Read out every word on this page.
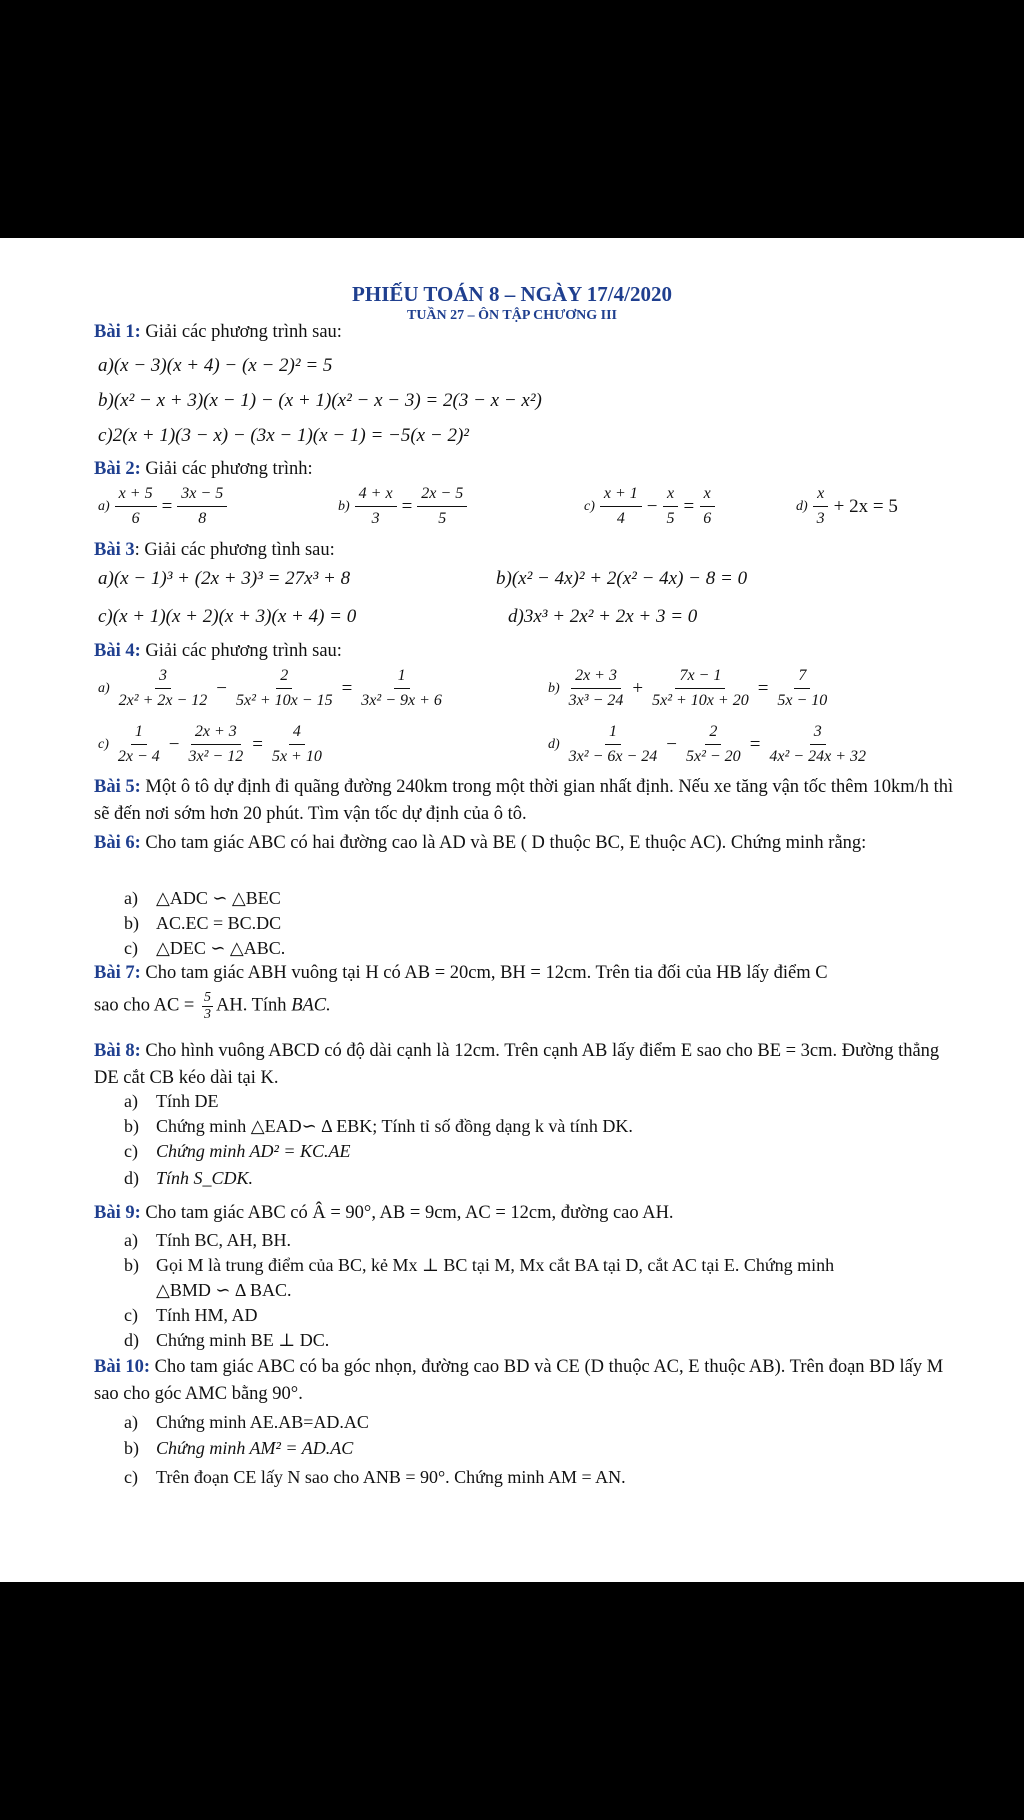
PHIẾU TOÁN 8 – NGÀY 17/4/2020
TUẦN 27 – ÔN TẬP CHƯƠNG III
Bài 1: Giải các phương trình sau:
a)(x − 3)(x + 4) − (x − 2)² = 5
b)(x² − x + 3)(x − 1) − (x + 1)(x² − x − 3) = 2(3 − x − x²)
c)2(x + 1)(3 − x) − (3x − 1)(x − 1) = −5(x − 2)²
Bài 2: Giải các phương trình:
$a) \frac{x + 5}{6} = \frac{3x - 5}{8}$	$b) \frac{4 + x}{3} = \frac{2x - 5}{5}$	$c) \frac{x + 1}{4} - \frac{x}{5} = \frac{x}{6}$	$d) \frac{x}{3} + 2x = 5$
Bài 3: Giải các phương tình sau:
a)(x − 1)³ + (2x + 3)³ = 27x³ + 8	b)(x² − 4x)² + 2(x² − 4x) − 8 = 0
c)(x + 1)(x + 2)(x + 3)(x + 4) = 0	d)3x³ + 2x² + 2x + 3 = 0
Bài 4: Giải các phương trình sau:
$a) \frac{3}{\text{2x² + 2x − 12}} - \frac{2}{\text{5x² + 10x − 15}} = \frac{1}{\text{3x² − 9x + 6}}$	$b) \frac{2x + 3}{\text{3x³ − 24}} + \frac{7x - 1}{\text{5x² + 10x + 20}} = \frac{7}{5x - 10}$
$c) \frac{1}{2x - 4} - \frac{2x + 3}{\text{3x² − 12}} = \frac{4}{5x + 10}$	$d) \frac{1}{\text{3x² − 6x − 24}} - \frac{2}{\text{5x² − 20}} = \frac{3}{\text{4x² − 24x + 32}}$
Bài 5: Một ô tô dự định đi quãng đường 240km trong một thời gian nhất định. Nếu xe tăng vận tốc thêm 10km/h thì sẽ đến nơi sớm hơn 20 phút. Tìm vận tốc dự định của ô tô.
Bài 6: Cho tam giác ABC có hai đường cao là AD và BE ( D thuộc BC, E thuộc AC). Chứng minh rằng:
a) △ADC ∽ △BEC
b) AC.EC = BC.DC
c) △DEC ∽ △ABC.
Bài 7: Cho tam giác ABH vuông tại H có AB = 20cm, BH = 12cm. Trên tia đối của HB lấy điểm C
sao cho AC = $\frac{5}{3}$ AH. Tính BAC.
Bài 8: Cho hình vuông ABCD có độ dài cạnh là 12cm. Trên cạnh AB lấy điểm E sao cho BE = 3cm. Đường thẳng DE cắt CB kéo dài tại K.
a) Tính DE
b) Chứng minh △EAD∽ Δ EBK; Tính tỉ số đồng dạng k và tính DK.
c) Chứng minh AD² = KC.AE
d) Tính S_CDK.
Bài 9: Cho tam giác ABC có Â = 90°, AB = 9cm, AC = 12cm, đường cao AH.
a) Tính BC, AH, BH.
b) Gọi M là trung điểm của BC, kẻ Mx ⊥ BC tại M, Mx cắt BA tại D, cắt AC tại E. Chứng minh
△BMD ∽ Δ BAC.
c) Tính HM, AD
d) Chứng minh BE ⊥ DC.
Bài 10: Cho tam giác ABC có ba góc nhọn, đường cao BD và CE (D thuộc AC, E thuộc AB). Trên đoạn BD lấy M sao cho góc AMC bằng 90°.
a) Chứng minh AE.AB=AD.AC
b) Chứng minh AM² = AD.AC
c) Trên đoạn CE lấy N sao cho ANB = 90°. Chứng minh AM = AN.
